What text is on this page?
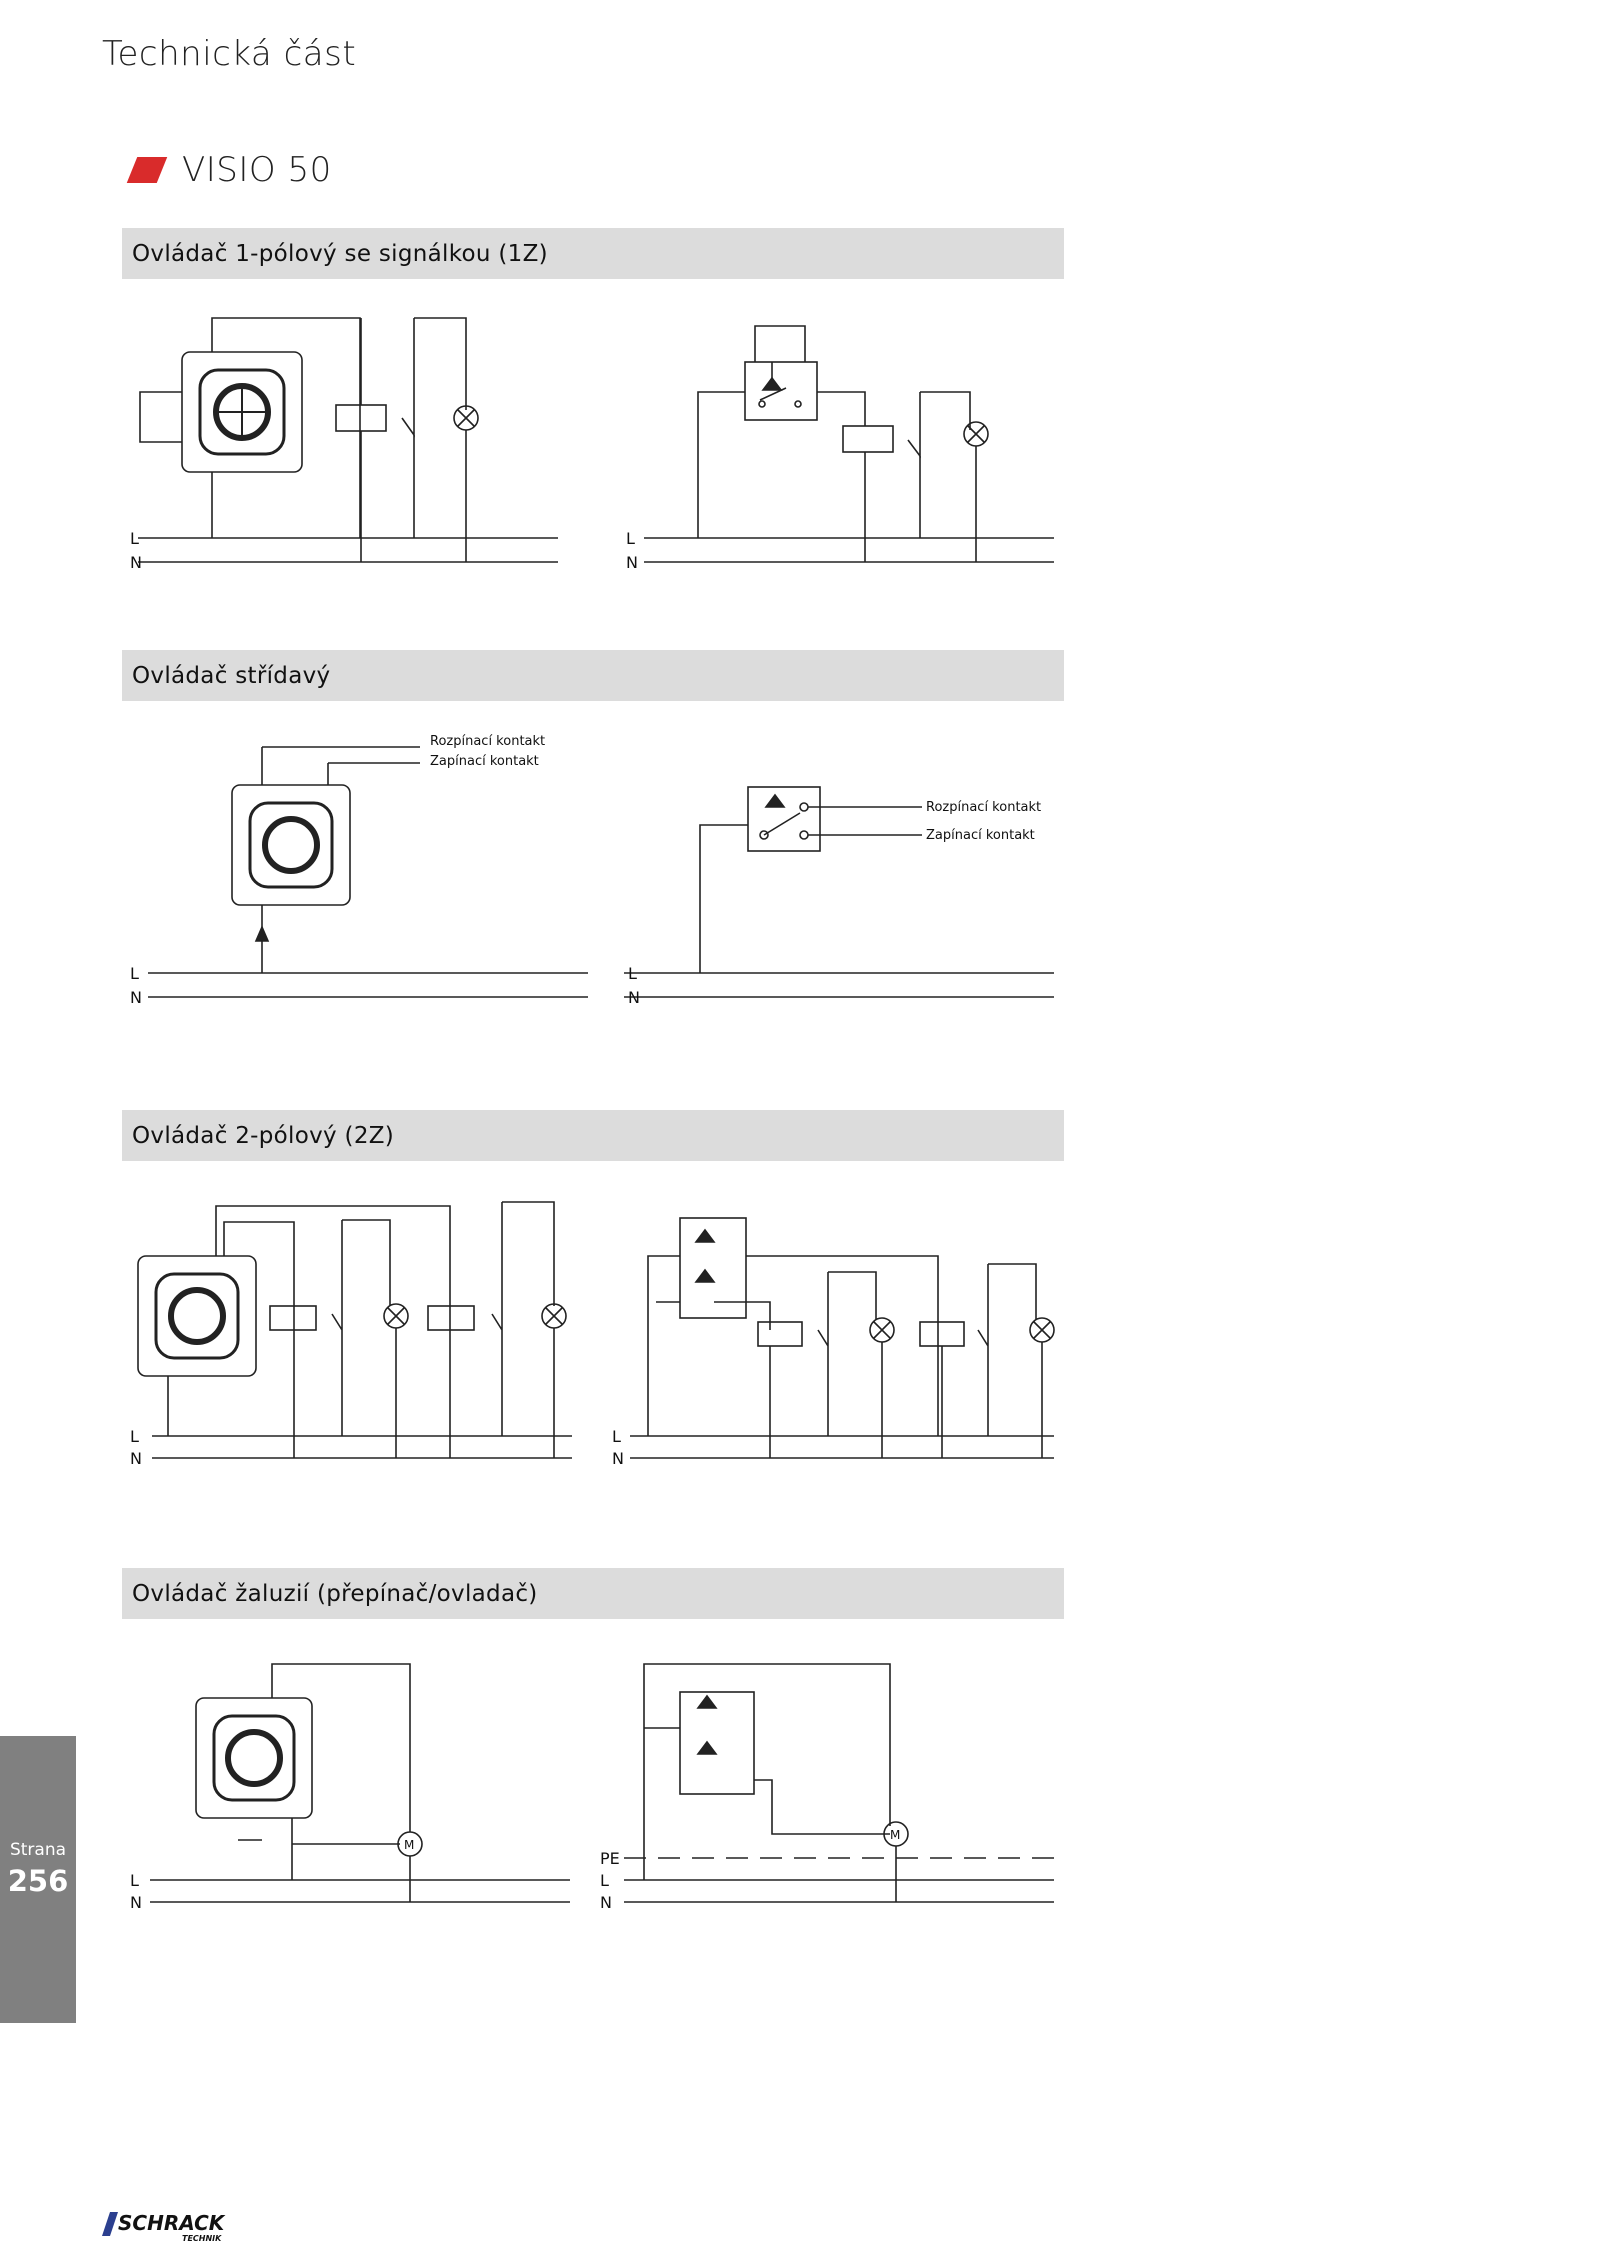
Technická část
VISIO 50
Ovládač 1-pólový se signálkou (1Z)
L
N
L
N
Ovládač střídavý
Rozpínací kontakt
Zapínací kontakt
Rozpínací kontakt
Zapínací kontakt
L
N
L
N
Ovládač 2-pólový (2Z)
L
N
L
N
Ovládač žaluzií (přepínač/ovladač)
M
M
L
N
PE
L
N
Strana
256
SCHRACK
TECHNIK
